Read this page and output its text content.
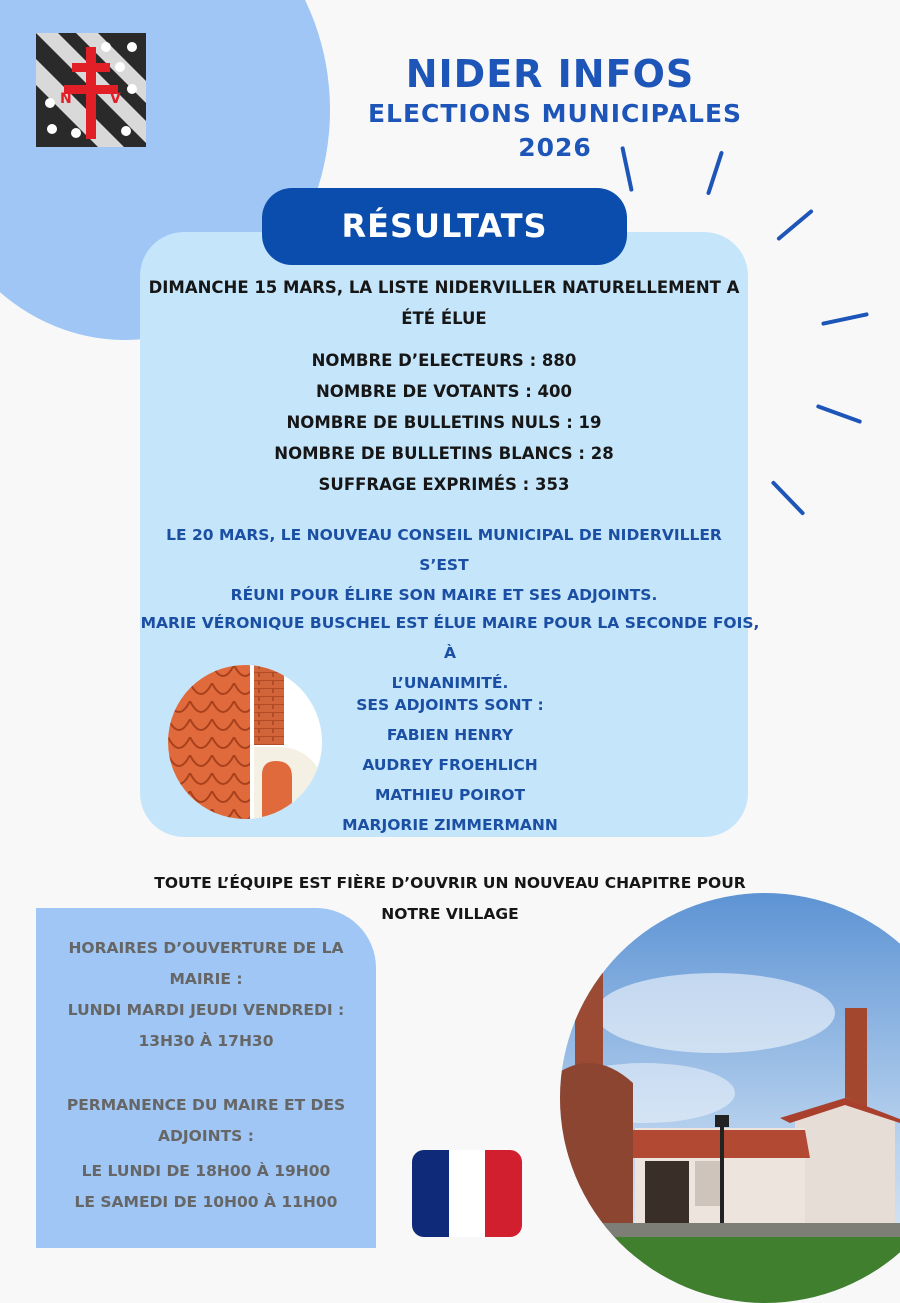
N	V
NIDER INFOS
ELECTIONS MUNICIPALES 2026
RÉSULTATS
DIMANCHE 15 MARS, LA LISTE NIDERVILLER NATURELLEMENT A
ÉTÉ ÉLUE
NOMBRE D’ELECTEURS : 880
NOMBRE DE VOTANTS : 400
NOMBRE DE BULLETINS NULS : 19
NOMBRE DE BULLETINS BLANCS : 28
SUFFRAGE EXPRIMÉS : 353
LE 20 MARS, LE NOUVEAU CONSEIL MUNICIPAL DE NIDERVILLER S’EST
RÉUNI POUR ÉLIRE SON MAIRE ET SES ADJOINTS.
MARIE VÉRONIQUE BUSCHEL EST ÉLUE MAIRE POUR LA SECONDE FOIS, À
L’UNANIMITÉ.
SES ADJOINTS SONT :
FABIEN HENRY
AUDREY FROEHLICH
MATHIEU POIROT
MARJORIE ZIMMERMANN
TOUTE L’ÉQUIPE EST FIÈRE D’OUVRIR UN NOUVEAU CHAPITRE POUR
NOTRE VILLAGE
HORAIRES D’OUVERTURE DE LA
MAIRIE :
LUNDI MARDI JEUDI VENDREDI :
13H30 À 17H30
PERMANENCE DU MAIRE ET DES
ADJOINTS :
LE LUNDI DE 18H00 À 19H00
LE SAMEDI DE 10H00 À 11H00
